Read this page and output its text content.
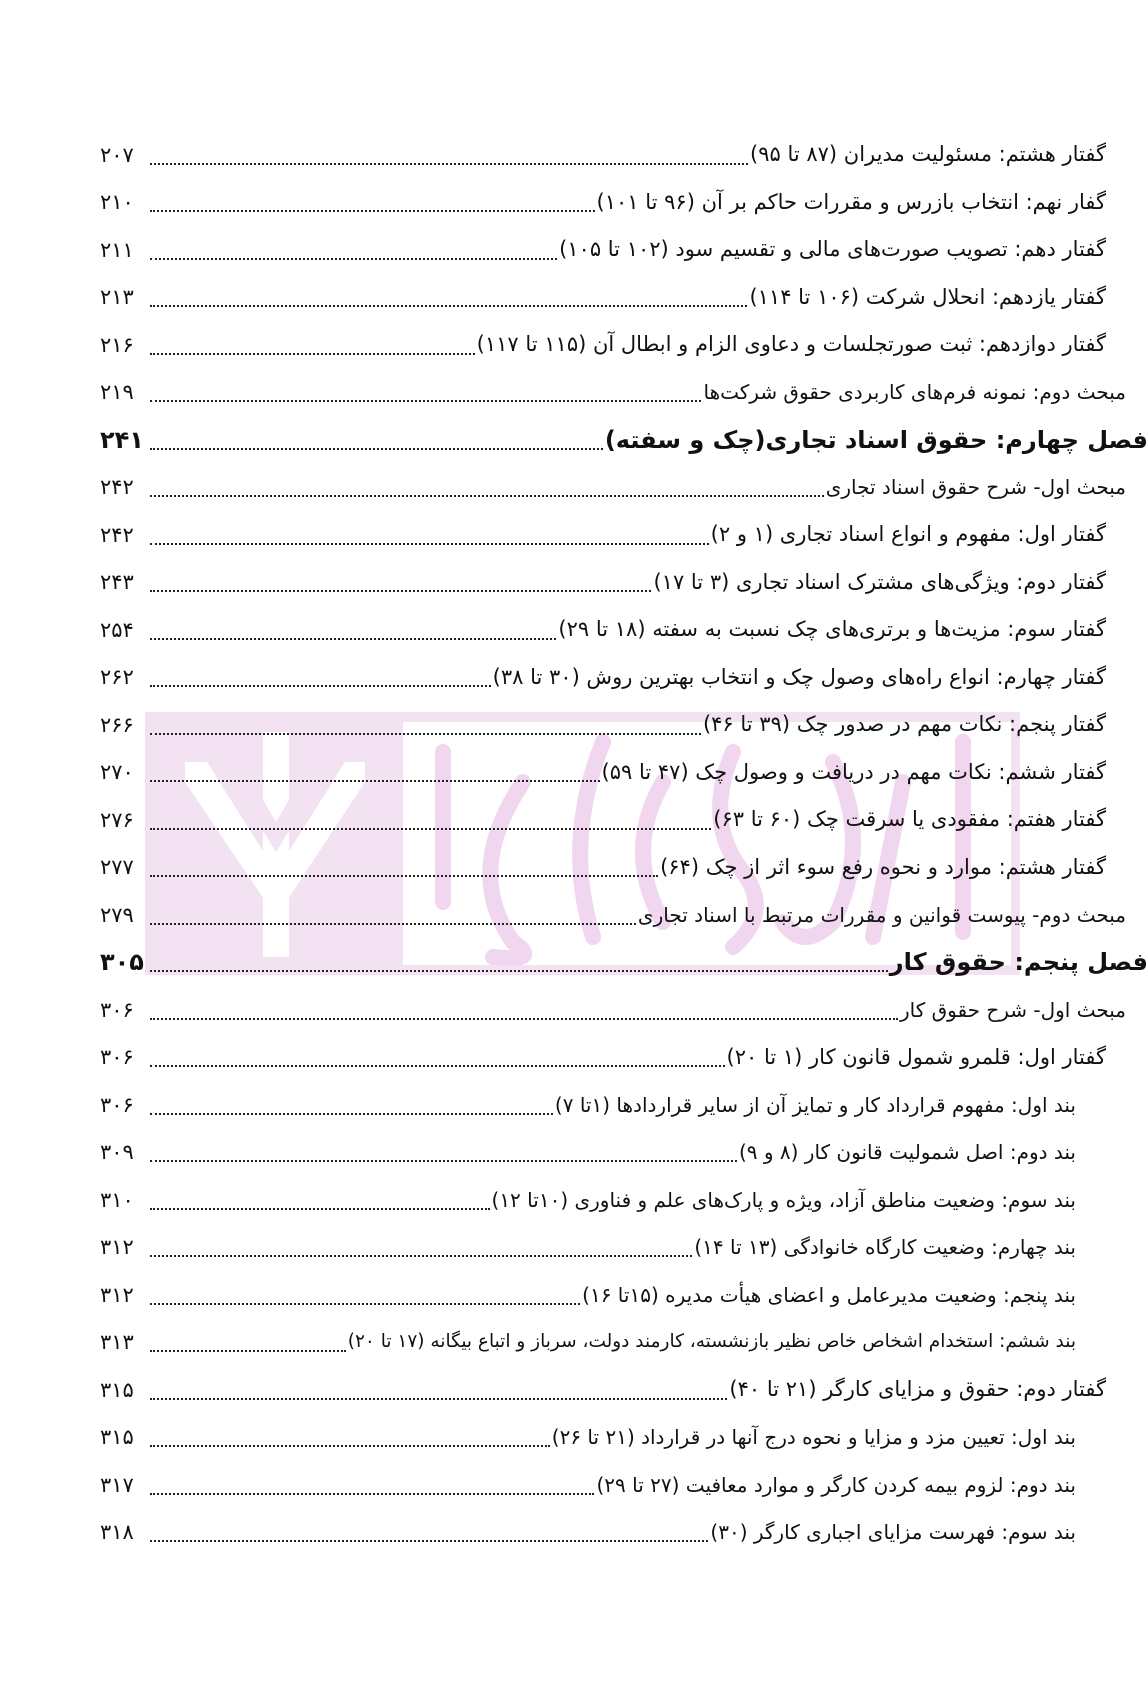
گفتار هشتم: مسئولیت مدیران (۸۷ تا ۹۵)
۲۰۷
گفار نهم: انتخاب بازرس و مقررات حاکم بر آن (۹۶ تا ۱۰۱)
۲۱۰
گفتار دهم: تصویب صورت‌های مالی و تقسیم سود (۱۰۲ تا ۱۰۵)
۲۱۱
گفتار یازدهم: انحلال شرکت (۱۰۶ تا ۱۱۴)
۲۱۳
گفتار دوازدهم: ثبت صورتجلسات و دعاوی الزام و ابطال آن (۱۱۵ تا ۱۱۷)
۲۱۶
مبحث دوم: نمونه فرم‌های کاربردی حقوق شرکت‌ها
۲۱۹
فصل چهارم: حقوق اسناد تجاری(چک و سفته)
۲۴۱
مبحث اول- شرح حقوق اسناد تجاری
۲۴۲
گفتار اول: مفهوم و انواع اسناد تجاری (۱ و ۲)
۲۴۲
گفتار دوم: ویژگی‌های مشترک اسناد تجاری (۳ تا ۱۷)
۲۴۳
گفتار سوم: مزیت‌ها و برتری‌های چک نسبت به سفته (۱۸ تا ۲۹)
۲۵۴
گفتار چهارم: انواع راه‌های وصول چک و انتخاب بهترین روش (۳۰ تا ۳۸)
۲۶۲
گفتار پنجم: نکات مهم در صدور چک (۳۹ تا ۴۶)
۲۶۶
گفتار ششم: نکات مهم در دریافت و وصول چک (۴۷ تا ۵۹)
۲۷۰
گفتار هفتم: مفقودی یا سرقت چک (۶۰ تا ۶۳)
۲۷۶
گفتار هشتم: موارد و نحوه رفع سوء اثر از چک (۶۴)
۲۷۷
مبحث دوم- پیوست قوانین و مقررات مرتبط با اسناد تجاری
۲۷۹
فصل پنجم: حقوق کار
۳۰۵
مبحث اول- شرح حقوق کار
۳۰۶
گفتار اول: قلمرو شمول قانون کار (۱ تا ۲۰)
۳۰۶
بند اول: مفهوم قرارداد کار و تمایز آن از سایر قراردادها (۱تا ۷)
۳۰۶
بند دوم: اصل شمولیت قانون کار (۸ و ۹)
۳۰۹
بند سوم: وضعیت مناطق آزاد، ویژه و پارک‌های علم و فناوری (۱۰تا ۱۲)
۳۱۰
بند چهارم: وضعیت کارگاه خانوادگی (۱۳ تا ۱۴)
۳۱۲
بند پنجم: وضعیت مدیرعامل و اعضای هیأت مدیره (۱۵تا ۱۶)
۳۱۲
بند ششم: استخدام اشخاص خاص نظیر بازنشسته، کارمند دولت، سرباز و اتباع بیگانه (۱۷ تا ۲۰)
۳۱۳
گفتار دوم: حقوق و مزایای کارگر (۲۱ تا ۴۰)
۳۱۵
بند اول: تعیین مزد و مزایا و نحوه درج آنها در قرارداد (۲۱ تا ۲۶)
۳۱۵
بند دوم: لزوم بیمه کردن کارگر و موارد معافیت (۲۷ تا ۲۹)
۳۱۷
بند سوم: فهرست مزایای اجباری کارگر (۳۰)
۳۱۸
